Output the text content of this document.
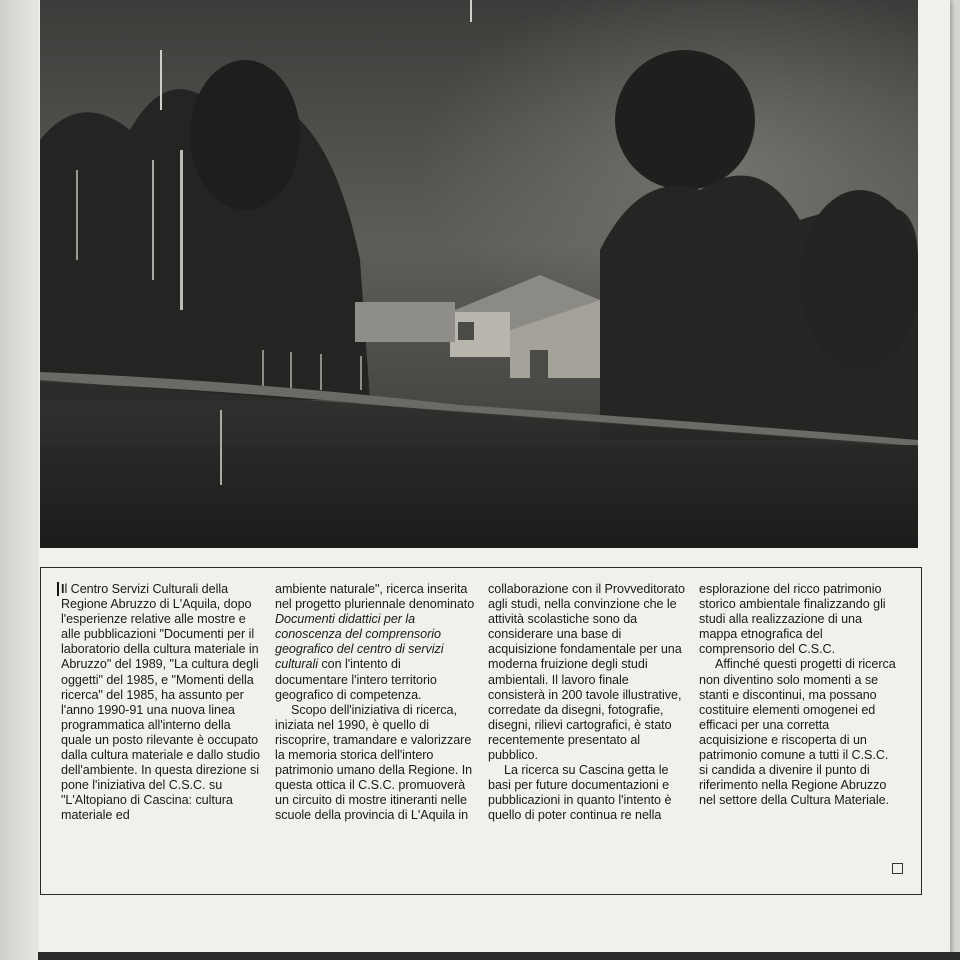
Il Centro Servizi Culturali della Regione Abruzzo di L'Aquila, dopo l'esperienze relative alle mostre e alle pubblicazioni "Documenti per il laboratorio della cultura materiale in Abruzzo" del 1989, "La cultura degli oggetti" del 1985, e "Momenti della ricerca" del 1985, ha assunto per l'anno 1990-91 una nuova linea programmatica all'interno della quale un posto rilevante è occupato dalla cultura materiale e dallo studio dell'ambiente. In questa direzione si pone l'iniziativa del C.S.C. su "L'Altopiano di Cascina: cultura materiale ed

ambiente naturale", ricerca inserita nel progetto pluriennale denominato Documenti didattici per la conoscenza del comprensorio geografico del centro di servizi culturali con l'intento di documentare l'intero territorio geografico di competenza.

Scopo dell'iniziativa di ricerca, iniziata nel 1990, è quello di riscoprire, tramandare e valorizzare la memoria storica dell'intero patrimonio umano della Regione. In questa ottica il C.S.C. promuoverà un circuito di mostre itineranti nelle scuole della provincia di L'Aquila in

collaborazione con il Provveditorato agli studi, nella convinzione che le attività scolastiche sono da considerare una base di acquisizione fondamentale per una moderna fruizione degli studi ambientali. Il lavoro finale consisterà in 200 tavole illustrative, corredate da disegni, fotografie, disegni, rilievi cartografici, è stato recentemente presentato al pubblico.

La ricerca su Cascina getta le basi per future documentazioni e pubblicazioni in quanto l'intento è quello di poter continua re nella

esplorazione del ricco patrimonio storico ambientale finalizzando gli studi alla realizzazione di una mappa etnografica del comprensorio del C.S.C.

Affinché questi progetti di ricerca non diventino solo momenti a se stanti e discontinui, ma possano costituire elementi omogenei ed efficaci per una corretta acquisizione e riscoperta di un patrimonio comune a tutti il C.S.C. si candida a divenire il punto di riferimento nella Regione Abruzzo nel settore della Cultura Materiale.
